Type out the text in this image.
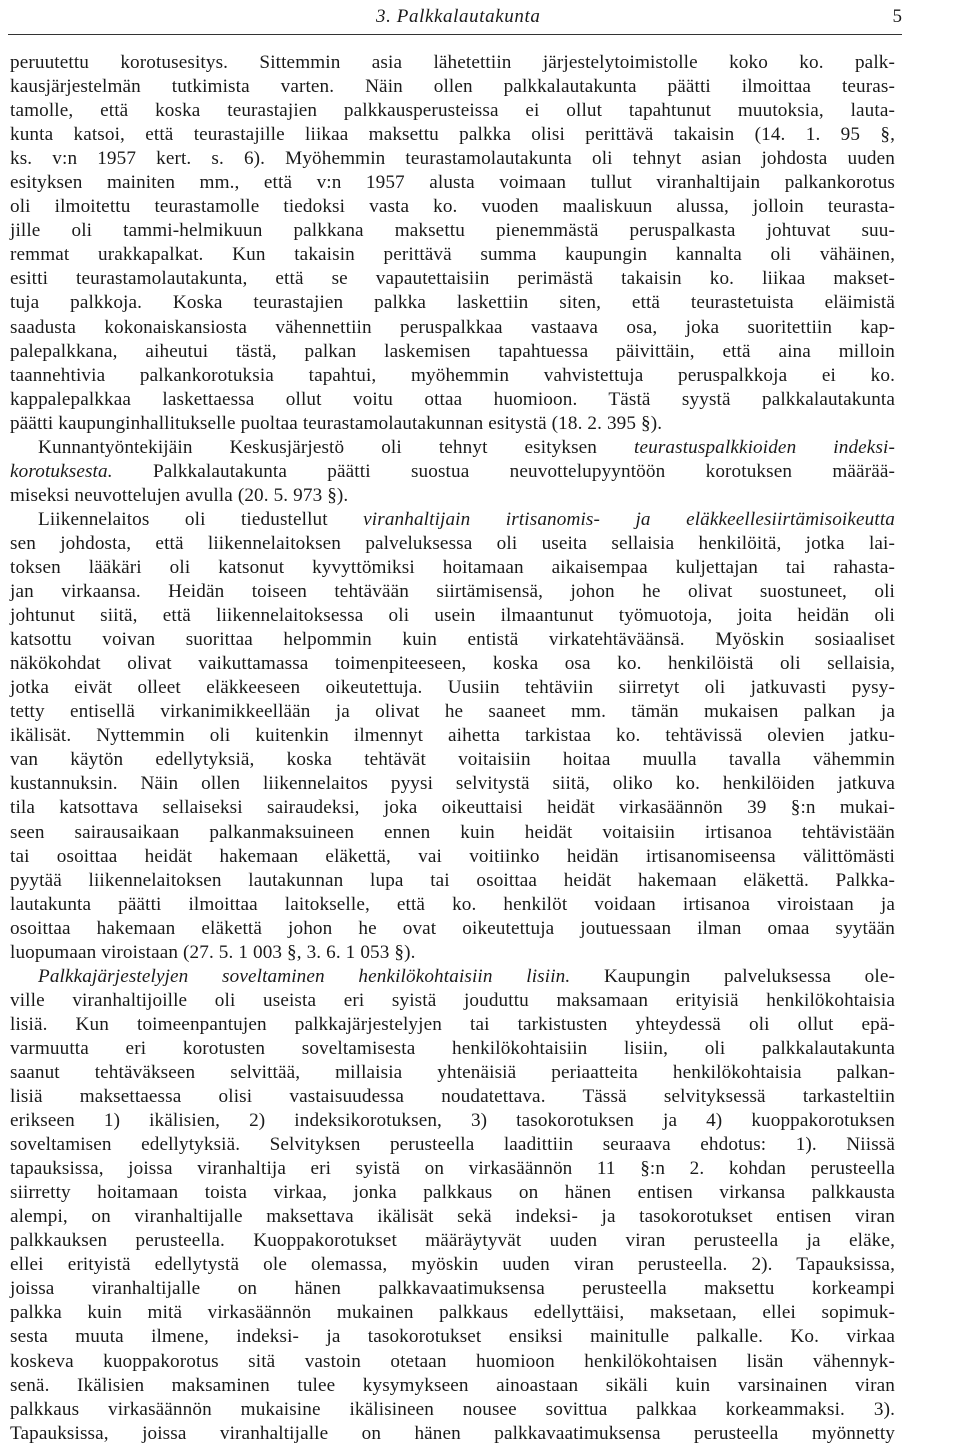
3. Palkkalautakunta	5
peruutettu korotusesitys. Sittemmin asia lähetettiin järjestelytoimistolle koko ko. palk-
kausjärjestelmän tutkimista varten. Näin ollen palkkalautakunta päätti ilmoittaa teuras-
tamolle, että koska teurastajien palkkausperusteissa ei ollut tapahtunut muutoksia, lauta-
kunta katsoi, että teurastajille liikaa maksettu palkka olisi perittävä takaisin (14. 1. 95 §,
ks. v:n 1957 kert. s. 6). Myöhemmin teurastamolautakunta oli tehnyt asian johdosta uuden
esityksen mainiten mm., että v:n 1957 alusta voimaan tullut viranhaltijain palkankorotus
oli ilmoitettu teurastamolle tiedoksi vasta ko. vuoden maaliskuun alussa, jolloin teurasta-
jille oli tammi-helmikuun palkkana maksettu pienemmästä peruspalkasta johtuvat suu-
remmat urakkapalkat. Kun takaisin perittävä summa kaupungin kannalta oli vähäinen,
esitti teurastamolautakunta, että se vapautettaisiin perimästä takaisin ko. liikaa makset-
tuja palkkoja. Koska teurastajien palkka laskettiin siten, että teurastetuista eläimistä
saadusta kokonaiskansiosta vähennettiin peruspalkkaa vastaava osa, joka suoritettiin kap-
palepalkkana, aiheutui tästä, palkan laskemisen tapahtuessa päivittäin, että aina milloin
taannehtivia palkankorotuksia tapahtui, myöhemmin vahvistettuja peruspalkkoja ei ko.
kappalepalkkaa laskettaessa ollut voitu ottaa huomioon. Tästä syystä palkkalautakunta
päätti kaupunginhallitukselle puoltaa teurastamolautakunnan esitystä (18. 2. 395 §).
Kunnantyöntekijäin Keskusjärjestö oli tehnyt esityksen teurastuspalkkioiden indeksi-
korotuksesta. Palkkalautakunta päätti suostua neuvottelupyyntöön korotuksen määrää-
miseksi neuvottelujen avulla (20. 5. 973 §).
Liikennelaitos oli tiedustellut viranhaltijain irtisanomis- ja eläkkeellesiirtämisoikeutta
sen johdosta, että liikennelaitoksen palveluksessa oli useita sellaisia henkilöitä, jotka lai-
toksen lääkäri oli katsonut kyvyttömiksi hoitamaan aikaisempaa kuljettajan tai rahasta-
jan virkaansa. Heidän toiseen tehtävään siirtämisensä, johon he olivat suostuneet, oli
johtunut siitä, että liikennelaitoksessa oli usein ilmaantunut työmuotoja, joita heidän oli
katsottu voivan suorittaa helpommin kuin entistä virkatehtäväänsä. Myöskin sosiaaliset
näkökohdat olivat vaikuttamassa toimenpiteeseen, koska osa ko. henkilöistä oli sellaisia,
jotka eivät olleet eläkkeeseen oikeutettuja. Uusiin tehtäviin siirretyt oli jatkuvasti pysy-
tetty entisellä virkanimikkeellään ja olivat he saaneet mm. tämän mukaisen palkan ja
ikälisät. Nyttemmin oli kuitenkin ilmennyt aihetta tarkistaa ko. tehtävissä olevien jatku-
van käytön edellytyksiä, koska tehtävät voitaisiin hoitaa muulla tavalla vähemmin
kustannuksin. Näin ollen liikennelaitos pyysi selvitystä siitä, oliko ko. henkilöiden jatkuva
tila katsottava sellaiseksi sairaudeksi, joka oikeuttaisi heidät virkasäännön 39 §:n mukai-
seen sairausaikaan palkanmaksuineen ennen kuin heidät voitaisiin irtisanoa tehtävistään
tai osoittaa heidät hakemaan eläkettä, vai voitiinko heidän irtisanomiseensa välittömästi
pyytää liikennelaitoksen lautakunnan lupa tai osoittaa heidät hakemaan eläkettä. Palkka-
lautakunta päätti ilmoittaa laitokselle, että ko. henkilöt voidaan irtisanoa viroistaan ja
osoittaa hakemaan eläkettä johon he ovat oikeutettuja joutuessaan ilman omaa syytään
luopumaan viroistaan (27. 5. 1 003 §, 3. 6. 1 053 §).
Palkkajärjestelyjen soveltaminen henkilökohtaisiin lisiin. Kaupungin palveluksessa ole-
ville viranhaltijoille oli useista eri syistä jouduttu maksamaan erityisiä henkilökohtaisia
lisiä. Kun toimeenpantujen palkkajärjestelyjen tai tarkistusten yhteydessä oli ollut epä-
varmuutta eri korotusten soveltamisesta henkilökohtaisiin lisiin, oli palkkalautakunta
saanut tehtäväkseen selvittää, millaisia yhtenäisiä periaatteita henkilökohtaisia palkan-
lisiä maksettaessa olisi vastaisuudessa noudatettava. Tässä selvityksessä tarkasteltiin
erikseen 1) ikälisien, 2) indeksikorotuksen, 3) tasokorotuksen ja 4) kuoppakorotuksen
soveltamisen edellytyksiä. Selvityksen perusteella laadittiin seuraava ehdotus: 1). Niissä
tapauksissa, joissa viranhaltija eri syistä on virkasäännön 11 §:n 2. kohdan perusteella
siirretty hoitamaan toista virkaa, jonka palkkaus on hänen entisen virkansa palkkausta
alempi, on viranhaltijalle maksettava ikälisät sekä indeksi- ja tasokorotukset entisen viran
palkkauksen perusteella. Kuoppakorotukset määräytyvät uuden viran perusteella ja eläke,
ellei erityistä edellytystä ole olemassa, myöskin uuden viran perusteella. 2). Tapauksissa,
joissa viranhaltijalle on hänen palkkavaatimuksensa perusteella maksettu korkeampi
palkka kuin mitä virkasäännön mukainen palkkaus edellyttäisi, maksetaan, ellei sopimuk-
sesta muuta ilmene, indeksi- ja tasokorotukset ensiksi mainitulle palkalle. Ko. virkaa
koskeva kuoppakorotus sitä vastoin otetaan huomioon henkilökohtaisen lisän vähennyk-
senä. Ikälisien maksaminen tulee kysymykseen ainoastaan sikäli kuin varsinainen viran
palkkaus virkasäännön mukaisine ikälisineen nousee sovittua palkkaa korkeammaksi. 3).
Tapauksissa, joissa viranhaltijalle on hänen palkkavaatimuksensa perusteella myönnetty
